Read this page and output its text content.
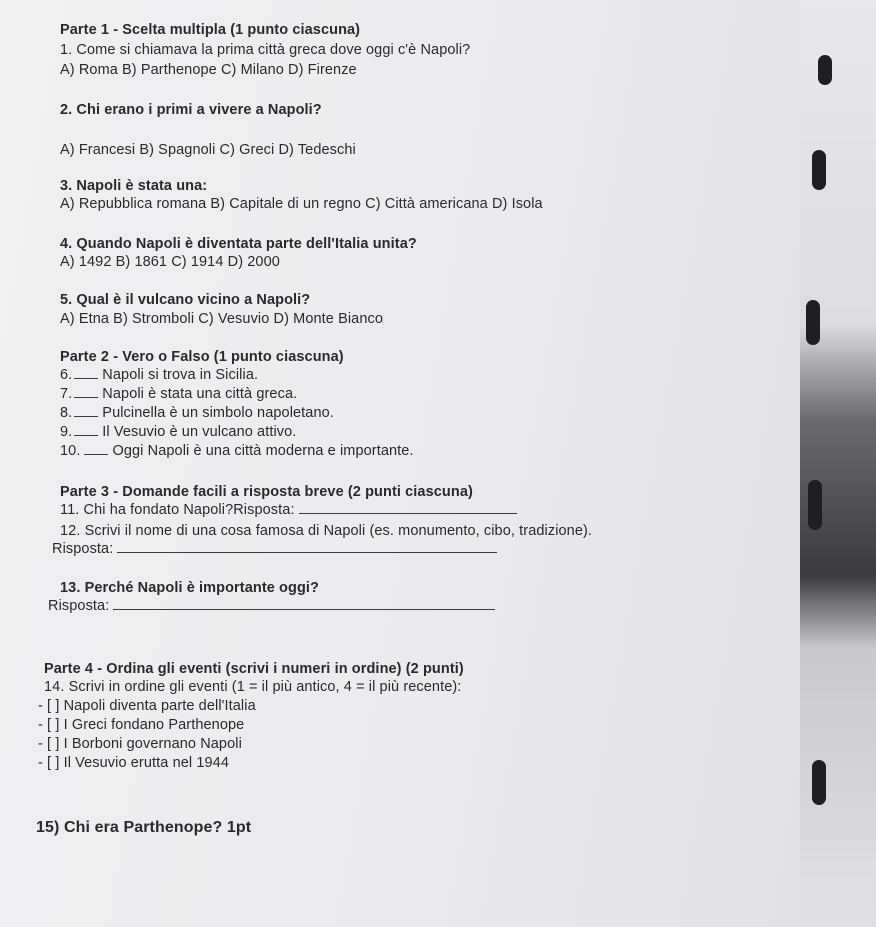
Parte 1 - Scelta multipla (1 punto ciascuna)
1. Come si chiamava la prima città greca dove oggi c'è Napoli?
A) Roma B) Parthenope C) Milano D) Firenze
2. Chi erano i primi a vivere a Napoli?
A) Francesi B) Spagnoli C) Greci D) Tedeschi
3. Napoli è stata una:
A) Repubblica romana B) Capitale di un regno C) Città americana D) Isola
4. Quando Napoli è diventata parte dell'Italia unita?
A) 1492 B) 1861 C) 1914 D) 2000
5. Qual è il vulcano vicino a Napoli?
A) Etna B) Stromboli C) Vesuvio D) Monte Bianco
Parte 2 - Vero o Falso (1 punto ciascuna)
6. Napoli si trova in Sicilia.
7. Napoli è stata una città greca.
8. Pulcinella è un simbolo napoletano.
9. Il Vesuvio è un vulcano attivo.
10. Oggi Napoli è una città moderna e importante.
Parte 3 - Domande facili a risposta breve (2 punti ciascuna)
11. Chi ha fondato Napoli?Risposta:
12. Scrivi il nome di una cosa famosa di Napoli (es. monumento, cibo, tradizione).
Risposta:
13. Perché Napoli è importante oggi?
Risposta:
Parte 4 - Ordina gli eventi (scrivi i numeri in ordine) (2 punti)
14. Scrivi in ordine gli eventi (1 = il più antico, 4 = il più recente):
- [ ] Napoli diventa parte dell'Italia
- [ ] I Greci fondano Parthenope
- [ ] I Borboni governano Napoli
- [ ] Il Vesuvio erutta nel 1944
15) Chi era Parthenope? 1pt
